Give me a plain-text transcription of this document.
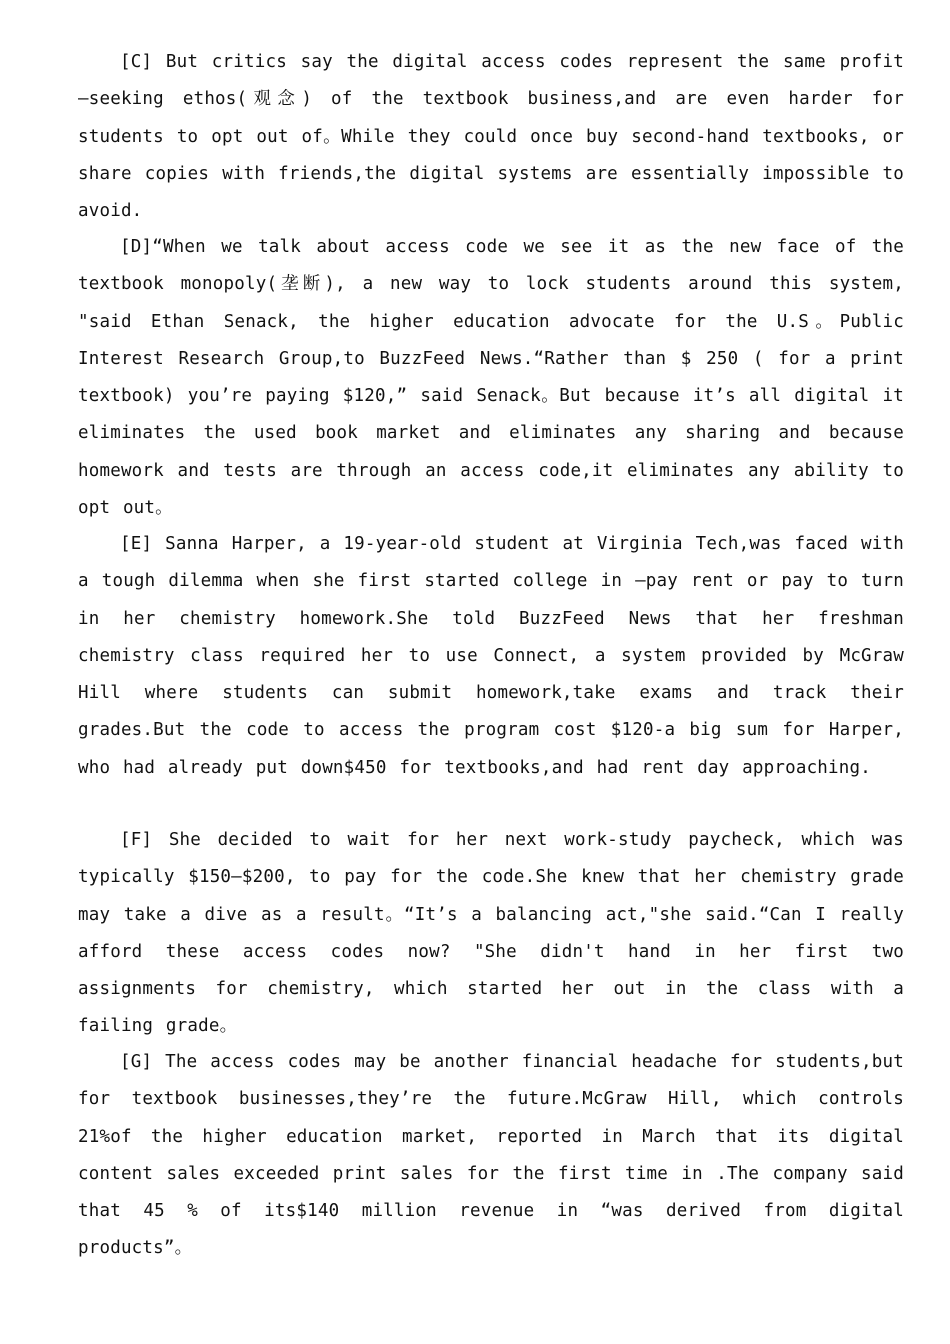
[C] But critics say the digital access codes represent the same profit—seeking ethos(观念) of the textbook business,and are even harder for students to opt out of。While they could once buy second-hand textbooks, or share copies with friends,the digital systems are essentially impossible to avoid.

[D]“When we talk about access code we see it as the new face of the textbook monopoly(垄断), a new way to lock students around this system, "said Ethan Senack, the higher education advocate for the U.S。Public Interest Research Group,to BuzzFeed News.“Rather than $ 250 ( for a print textbook) you’re paying $120,” said Senack。But because it’s all digital it eliminates the used book market and eliminates any sharing and because homework and tests are through an access code,it eliminates any ability to opt out。

[E] Sanna Harper, a 19-year-old student at Virginia Tech,was faced with a tough dilemma when she first started college in —pay rent or pay to turn in her chemistry homework.She told BuzzFeed News that her freshman chemistry class required her to use Connect, a system provided by McGraw Hill where students can submit homework,take exams and track their grades.But the code to access the program cost $120-a big sum for Harper, who had already put down$450 for textbooks,and had rent day approaching.

[F] She decided to wait for her next work-study paycheck, which was typically $150—$200, to pay for the code.She knew that her chemistry grade may take a dive as a result。“It’s a balancing act,"she said.“Can I really afford these access codes now? "She didn't hand in her first two assignments for chemistry, which started her out in the class with a failing grade。

[G] The access codes may be another financial headache for students,but for textbook businesses,they’re the future.McGraw Hill, which controls 21%of the higher education market, reported in March that its digital content sales exceeded print sales for the first time in .The company said that 45 % of its$140 million revenue in “was derived from digital products”。
